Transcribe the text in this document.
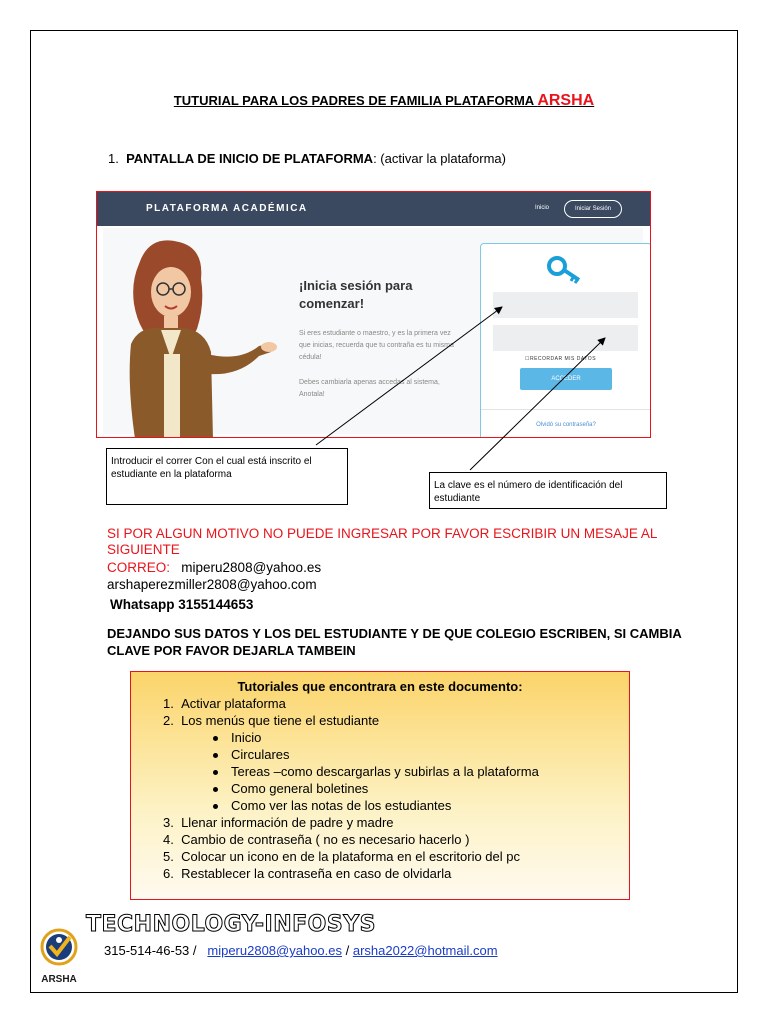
TUTURIAL PARA LOS PADRES DE FAMILIA PLATAFORMA ARSHA
1. PANTALLA DE INICIO DE PLATAFORMA: (activar la plataforma)
PLATAFORMA ACADÉMICA	Inicio	Iniciar Sesión
¡Inicia sesión para comenzar!
Si eres estudiante o maestro, y es la primera vez que inicias, recuerda que tu contraña es tu misma cédula!
Debes cambiarla apenas accedas al sistema, Anotala!
☐RECORDAR MIS DATOS
ACCEDER
Olvidó su contraseña?
Introducir el correr Con el cual está inscrito el estudiante en la plataforma
La clave es el número de identificación del estudiante
SI POR ALGUN MOTIVO NO PUEDE INGRESAR POR FAVOR ESCRIBIR UN MESAJE AL SIGUIENTE
CORREO: miperu2808@yahoo.es
arshaperezmiller2808@yahoo.com
Whatsapp 3155144653
DEJANDO SUS DATOS Y LOS DEL ESTUDIANTE Y DE QUE COLEGIO ESCRIBEN, SI CAMBIA CLAVE POR FAVOR DEJARLA TAMBEIN
Tutoriales que encontrara en este documento:
1. Activar plataforma
2. Los menús que tiene el estudiante
Inicio
Circulares
Tereas –como descargarlas y subirlas a la plataforma
Como general boletines
Como ver las notas de los estudiantes
3. Llenar información de padre y madre
4. Cambio de contraseña ( no es necesario hacerlo )
5. Colocar un icono en de la plataforma en el escritorio del pc
6. Restablecer la contraseña en caso de olvidarla
ARSHA
TECHNOLOGY-INFOSYS
315-514-46-53 /   miperu2808@yahoo.es / arsha2022@hotmail.com
